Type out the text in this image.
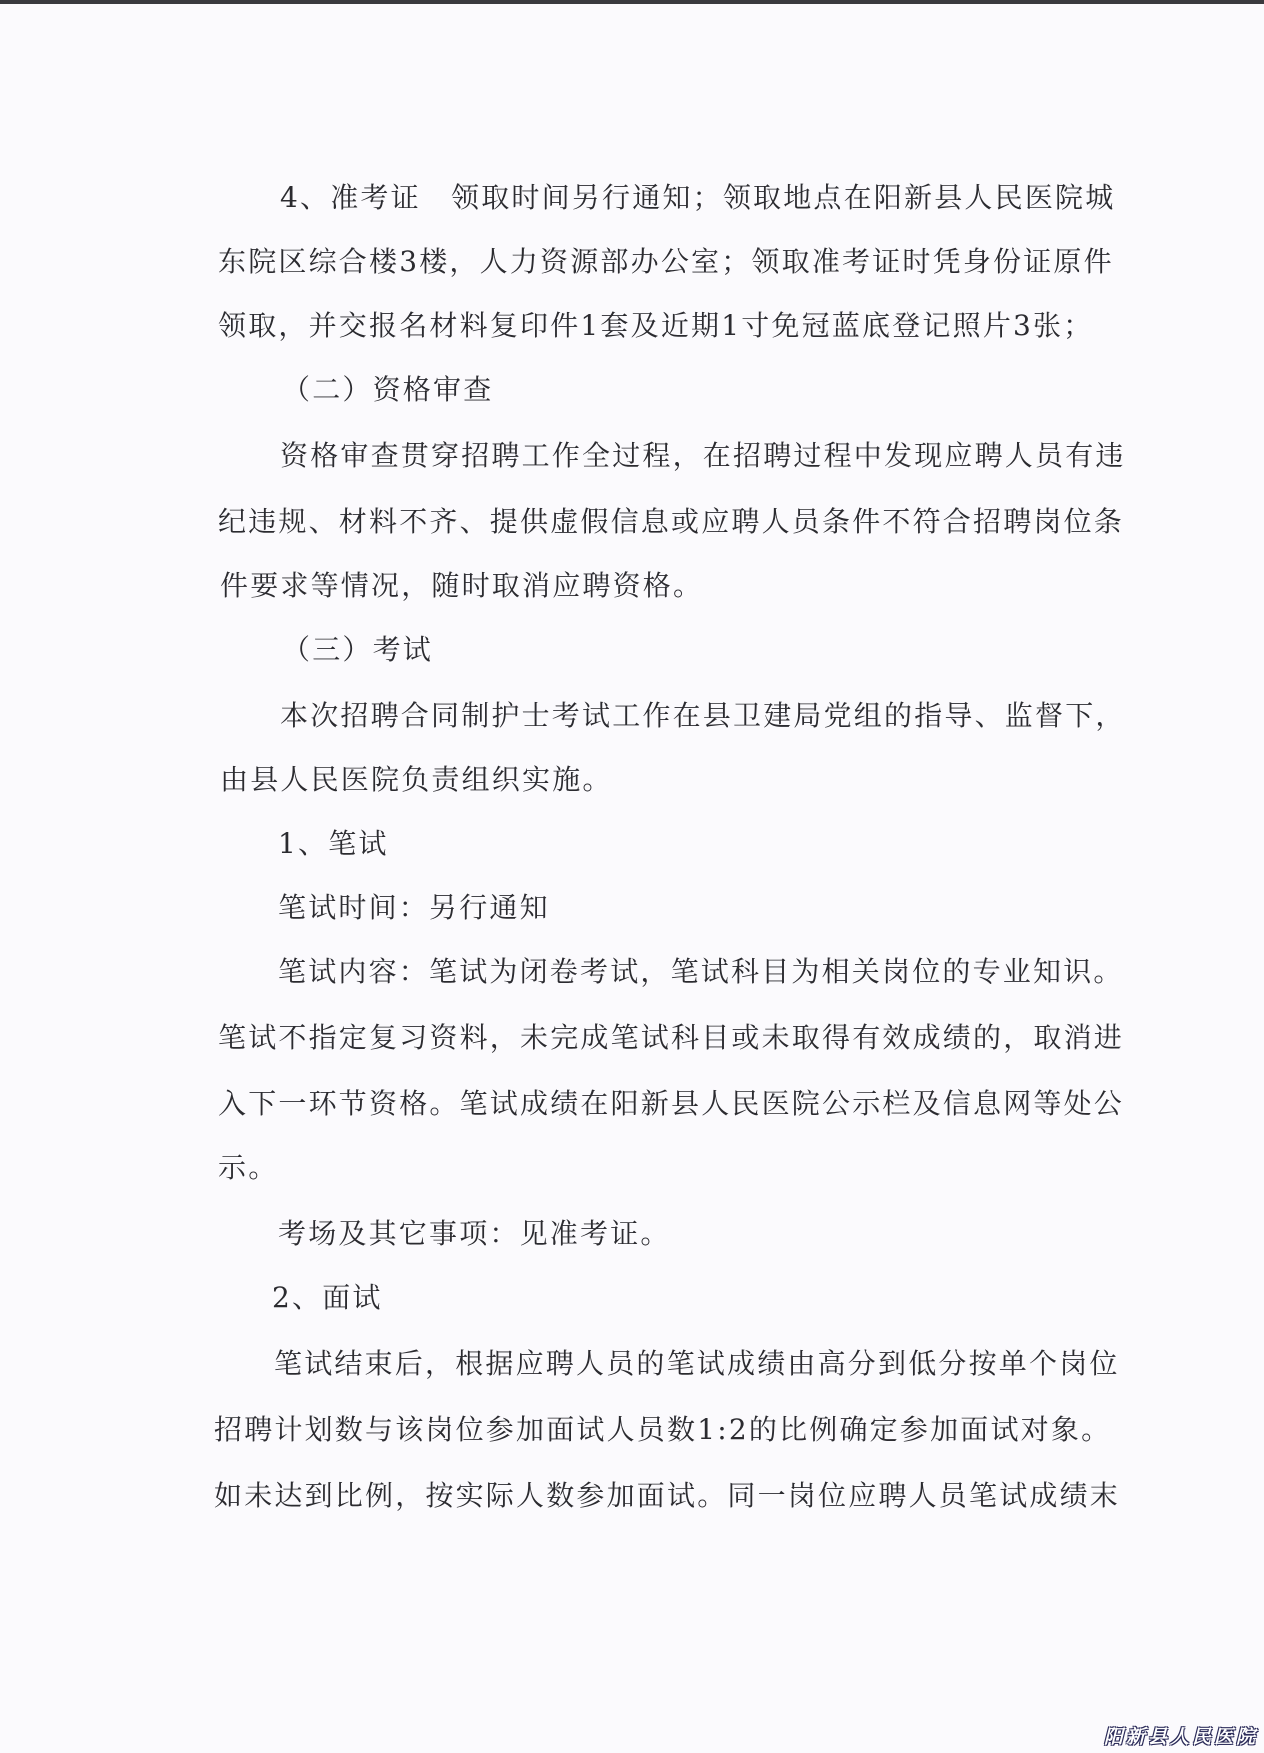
4、准考证　领取时间另行通知；领取地点在阳新县人民医院城
东院区综合楼3楼，人力资源部办公室；领取准考证时凭身份证原件
领取，并交报名材料复印件1套及近期1寸免冠蓝底登记照片3张；
（二）资格审查
资格审查贯穿招聘工作全过程，在招聘过程中发现应聘人员有违
纪违规、材料不齐、提供虚假信息或应聘人员条件不符合招聘岗位条
件要求等情况，随时取消应聘资格。
（三）考试
本次招聘合同制护士考试工作在县卫建局党组的指导、监督下，
由县人民医院负责组织实施。
1、笔试
笔试时间：另行通知
笔试内容：笔试为闭卷考试，笔试科目为相关岗位的专业知识。
笔试不指定复习资料，未完成笔试科目或未取得有效成绩的，取消进
入下一环节资格。笔试成绩在阳新县人民医院公示栏及信息网等处公
示。
考场及其它事项：见准考证。
2、面试
笔试结束后，根据应聘人员的笔试成绩由高分到低分按单个岗位
招聘计划数与该岗位参加面试人员数1:2的比例确定参加面试对象。
如未达到比例，按实际人数参加面试。同一岗位应聘人员笔试成绩末
阳新县人民医院
